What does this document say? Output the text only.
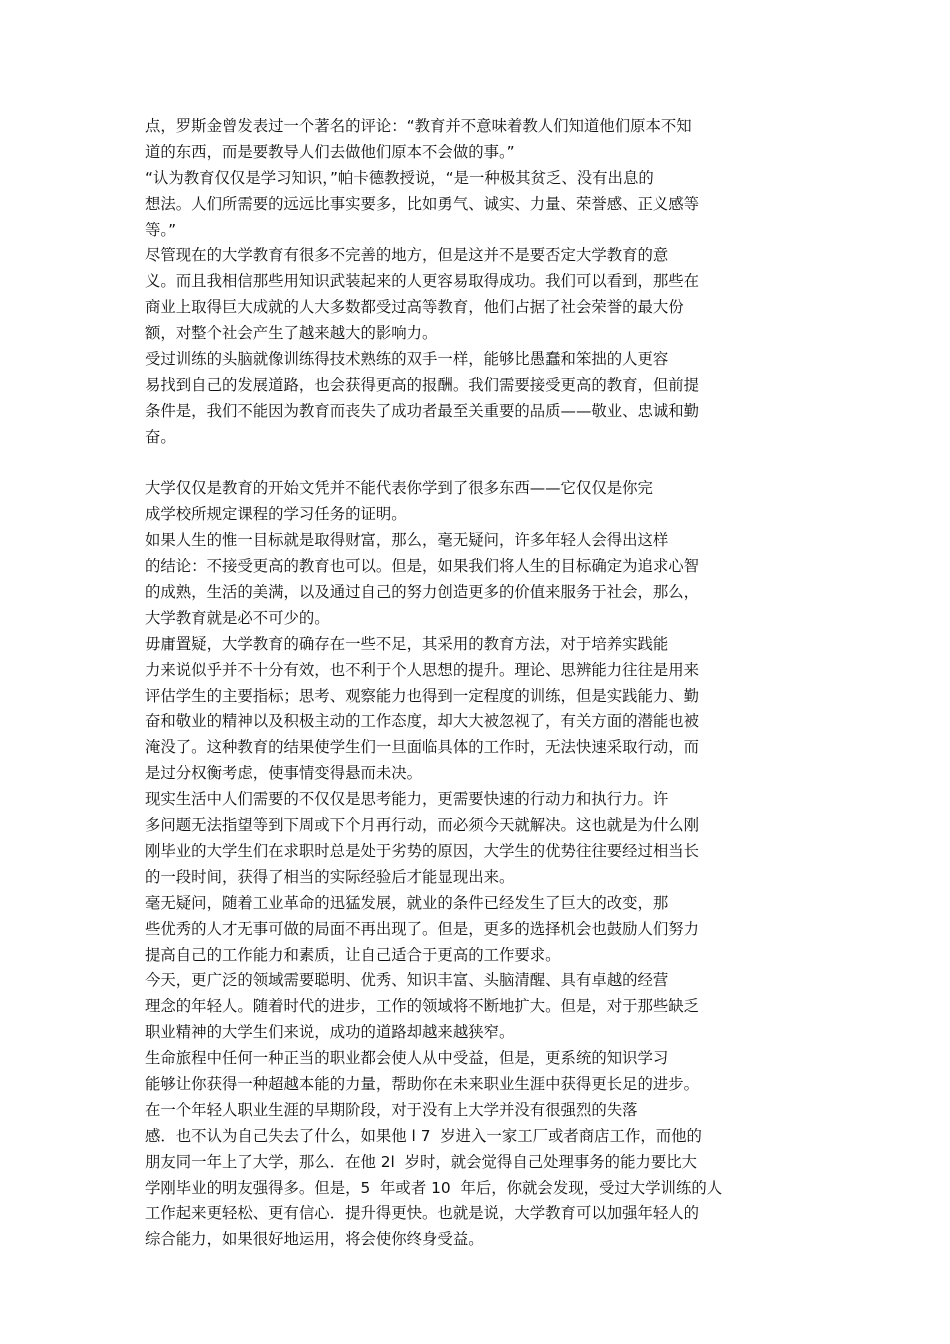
点，罗斯金曾发表过一个著名的评论：“教育并不意味着教人们知道他们原本不知
道的东西，而是要教导人们去做他们原本不会做的事。”
“认为教育仅仅是学习知识，”帕卡德教授说，“是一种极其贫乏、没有出息的
想法。人们所需要的远远比事实要多，比如勇气、诚实、力量、荣誉感、正义感等
等。”
尽管现在的大学教育有很多不完善的地方，但是这并不是要否定大学教育的意
义。而且我相信那些用知识武装起来的人更容易取得成功。我们可以看到，那些在
商业上取得巨大成就的人大多数都受过高等教育，他们占据了社会荣誉的最大份
额，对整个社会产生了越来越大的影响力。
受过训练的头脑就像训练得技术熟练的双手一样，能够比愚蠢和笨拙的人更容
易找到自己的发展道路，也会获得更高的报酬。我们需要接受更高的教育，但前提
条件是，我们不能因为教育而丧失了成功者最至关重要的品质——敬业、忠诚和勤
奋。
大学仅仅是教育的开始文凭并不能代表你学到了很多东西——它仅仅是你完
成学校所规定课程的学习任务的证明。
如果人生的惟一目标就是取得财富，那么，毫无疑问，许多年轻人会得出这样
的结论：不接受更高的教育也可以。但是，如果我们将人生的目标确定为追求心智
的成熟，生活的美满，以及通过自己的努力创造更多的价值来服务于社会，那么，
大学教育就是必不可少的。
毋庸置疑，大学教育的确存在一些不足，其采用的教育方法，对于培养实践能
力来说似乎并不十分有效，也不利于个人思想的提升。理论、思辨能力往往是用来
评估学生的主要指标；思考、观察能力也得到一定程度的训练，但是实践能力、勤
奋和敬业的精神以及积极主动的工作态度，却大大被忽视了，有关方面的潜能也被
淹没了。这种教育的结果使学生们一旦面临具体的工作时，无法快速采取行动，而
是过分权衡考虑，使事情变得悬而未决。
现实生活中人们需要的不仅仅是思考能力，更需要快速的行动力和执行力。许
多问题无法指望等到下周或下个月再行动，而必须今天就解决。这也就是为什么刚
刚毕业的大学生们在求职时总是处于劣势的原因，大学生的优势往往要经过相当长
的一段时间，获得了相当的实际经验后才能显现出来。
毫无疑问，随着工业革命的迅猛发展，就业的条件已经发生了巨大的改变，那
些优秀的人才无事可做的局面不再出现了。但是，更多的选择机会也鼓励人们努力
提高自己的工作能力和素质，让自己适合于更高的工作要求。
今天，更广泛的领域需要聪明、优秀、知识丰富、头脑清醒、具有卓越的经营
理念的年轻人。随着时代的进步，工作的领域将不断地扩大。但是，对于那些缺乏
职业精神的大学生们来说，成功的道路却越来越狭窄。
生命旅程中任何一种正当的职业都会使人从中受益，但是，更系统的知识学习
能够让你获得一种超越本能的力量，帮助你在未来职业生涯中获得更长足的进步。
在一个年轻人职业生涯的早期阶段，对于没有上大学并没有很强烈的失落
感．也不认为自己失去了什么，如果他 l 7  岁进入一家工厂或者商店工作，而他的
朋友同一年上了大学，那么．在他 2l  岁时，就会觉得自己处理事务的能力要比大
学刚毕业的明友强得多。但是，5  年或者 10  年后，你就会发现，受过大学训练的人
工作起来更轻松、更有信心．提升得更快。也就是说，大学教育可以加强年轻人的
综合能力，如果很好地运用，将会使你终身受益。
